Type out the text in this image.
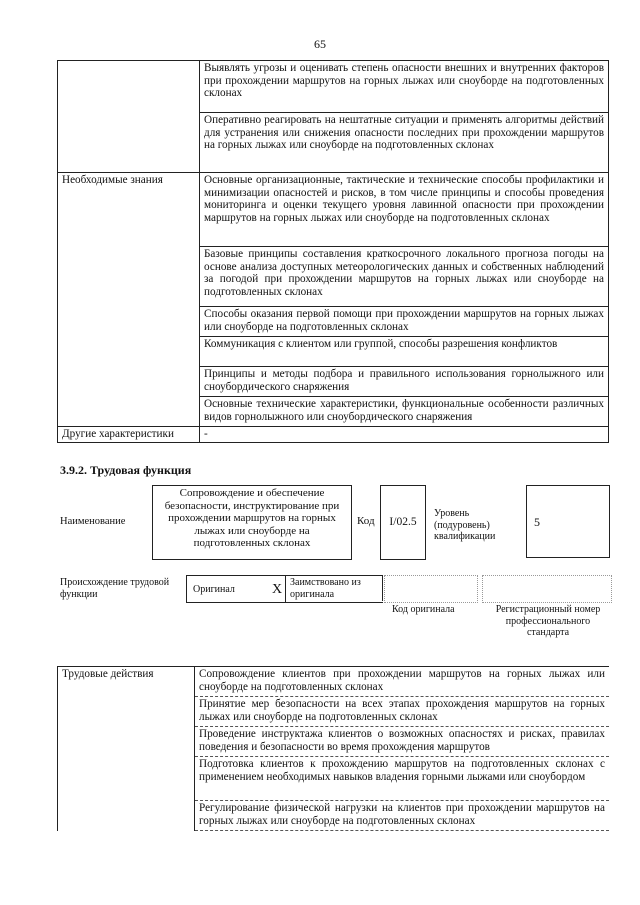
65
	Выявлять угрозы и оценивать степень опасности внешних и внутренних факторов при прохождении маршрутов на горных лыжах или сноуборде на подготовленных склонах
	Оперативно реагировать на нештатные ситуации и применять алгоритмы действий для устранения или снижения опасности последних при прохождении маршрутов на горных лыжах или сноуборде на подготовленных склонах
Необходимые знания	Основные организационные, тактические и технические способы профилактики и минимизации опасностей и рисков, в том числе принципы и способы проведения мониторинга и оценки текущего уровня лавинной опасности при прохождении маршрутов на горных лыжах или сноуборде на подготовленных склонах
	Базовые принципы составления краткосрочного локального прогноза погоды на основе анализа доступных метеорологических данных и собственных наблюдений за погодой при прохождении маршрутов на горных лыжах или сноуборде на подготовленных склонах
	Способы оказания первой помощи при прохождении маршрутов на горных лыжах или сноуборде на подготовленных склонах
	Коммуникация с клиентом или группой, способы разрешения конфликтов
	Принципы и методы подбора и правильного использования горнолыжного или сноубордического снаряжения
	Основные технические характеристики, функциональные особенности различных видов горнолыжного или сноубордического снаряжения
Другие характеристики	-
3.9.2. Трудовая функция
Наименование
Сопровождение и обеспечение безопасности, инструктирование при прохождении маршрутов на горных лыжах или сноуборде на подготовленных склонах
Код	I/02.5
Уровень (подуровень) квалификации
5
Происхождение трудовой функции	Оригинал	X Заимствовано из оригинала
Код оригинала	Регистрационный номер профессионального стандарта
Трудовые действия	Сопровождение клиентов при прохождении маршрутов на горных лыжах или сноуборде на подготовленных склонах
Принятие мер безопасности на всех этапах прохождения маршрутов на горных лыжах или сноуборде на подготовленных склонах
Проведение инструктажа клиентов о возможных опасностях и рисках, правилах поведения и безопасности во время прохождения маршрутов
Подготовка клиентов к прохождению маршрутов на подготовленных склонах с применением необходимых навыков владения горными лыжами или сноубордом
Регулирование физической нагрузки на клиентов при прохождении маршрутов на горных лыжах или сноуборде на подготовленных склонах
